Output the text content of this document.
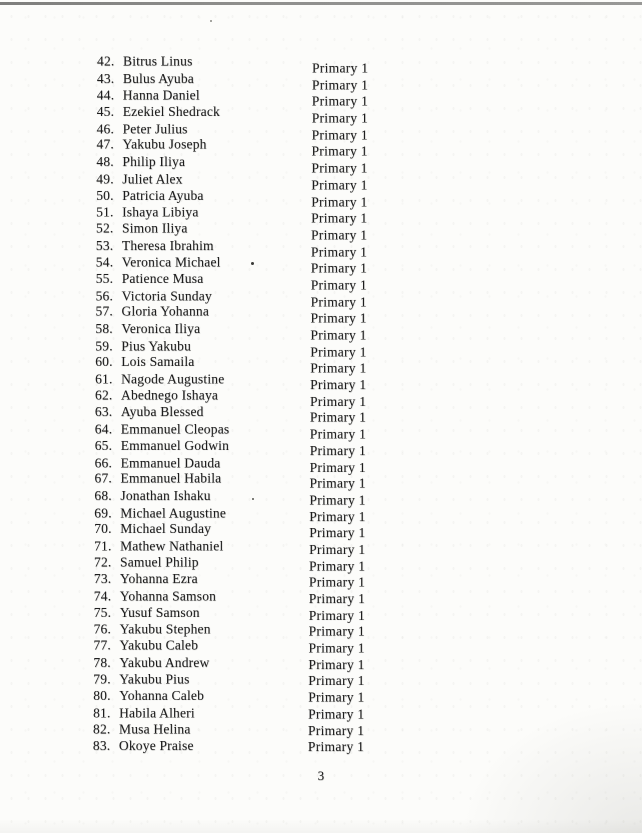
42. Bitrus Linus	Primary 1
43. Bulus Ayuba	Primary 1
44. Hanna Daniel	Primary 1
45. Ezekiel Shedrack	Primary 1
46. Peter Julius	Primary 1
47. Yakubu Joseph	Primary 1
48. Philip Iliya	Primary 1
49. Juliet Alex	Primary 1
50. Patricia Ayuba	Primary 1
51. Ishaya Libiya	Primary 1
52. Simon Iliya	Primary 1
53. Theresa Ibrahim	Primary 1
54. Veronica Michael	Primary 1
55. Patience Musa	Primary 1
56. Victoria Sunday	Primary 1
57. Gloria Yohanna	Primary 1
58. Veronica Iliya	Primary 1
59. Pius Yakubu	Primary 1
60. Lois Samaila	Primary 1
61. Nagode Augustine	Primary 1
62. Abednego Ishaya	Primary 1
63. Ayuba Blessed	Primary 1
64. Emmanuel Cleopas	Primary 1
65. Emmanuel Godwin	Primary 1
66. Emmanuel Dauda	Primary 1
67. Emmanuel Habila	Primary 1
68. Jonathan Ishaku	Primary 1
69. Michael Augustine	Primary 1
70. Michael Sunday	Primary 1
71. Mathew Nathaniel	Primary 1
72. Samuel Philip	Primary 1
73. Yohanna Ezra	Primary 1
74. Yohanna Samson	Primary 1
75. Yusuf Samson	Primary 1
76. Yakubu Stephen	Primary 1
77. Yakubu Caleb	Primary 1
78. Yakubu Andrew	Primary 1
79. Yakubu Pius	Primary 1
80. Yohanna Caleb	Primary 1
81. Habila Alheri	Primary 1
82. Musa Helina	Primary 1
83. Okoye Praise	Primary 1
3
